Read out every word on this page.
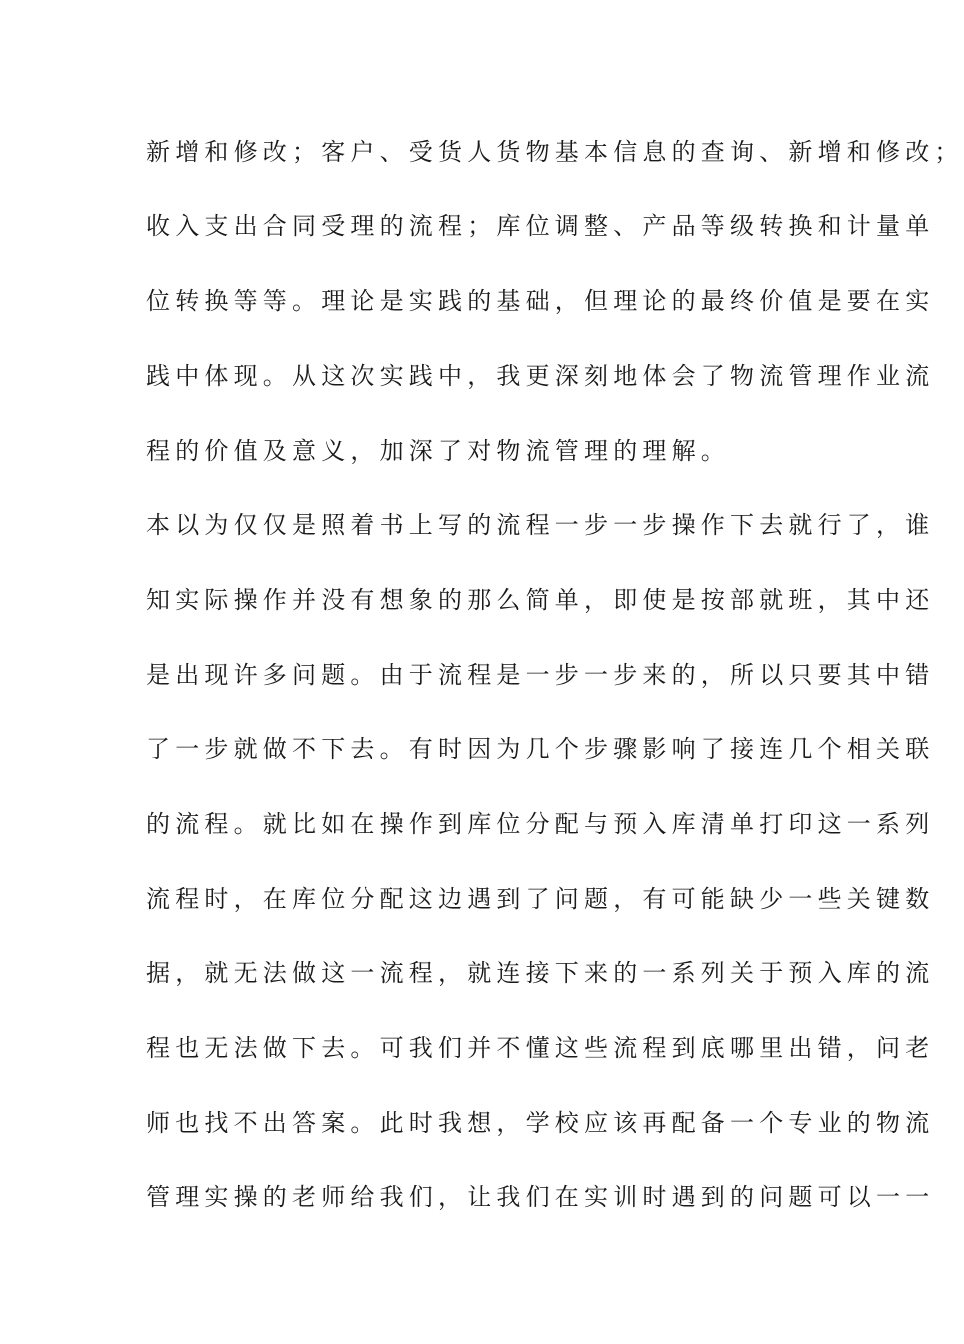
新增和修改；客户、受货人货物基本信息的查询、新增和修改；
收入支出合同受理的流程；库位调整、产品等级转换和计量单
位转换等等。理论是实践的基础，但理论的最终价值是要在实
践中体现。从这次实践中，我更深刻地体会了物流管理作业流
程的价值及意义，加深了对物流管理的理解。
本以为仅仅是照着书上写的流程一步一步操作下去就行了，谁
知实际操作并没有想象的那么简单，即使是按部就班，其中还
是出现许多问题。由于流程是一步一步来的，所以只要其中错
了一步就做不下去。有时因为几个步骤影响了接连几个相关联
的流程。就比如在操作到库位分配与预入库清单打印这一系列
流程时，在库位分配这边遇到了问题，有可能缺少一些关键数
据，就无法做这一流程，就连接下来的一系列关于预入库的流
程也无法做下去。可我们并不懂这些流程到底哪里出错，问老
师也找不出答案。此时我想，学校应该再配备一个专业的物流
管理实操的老师给我们，让我们在实训时遇到的问题可以一一
